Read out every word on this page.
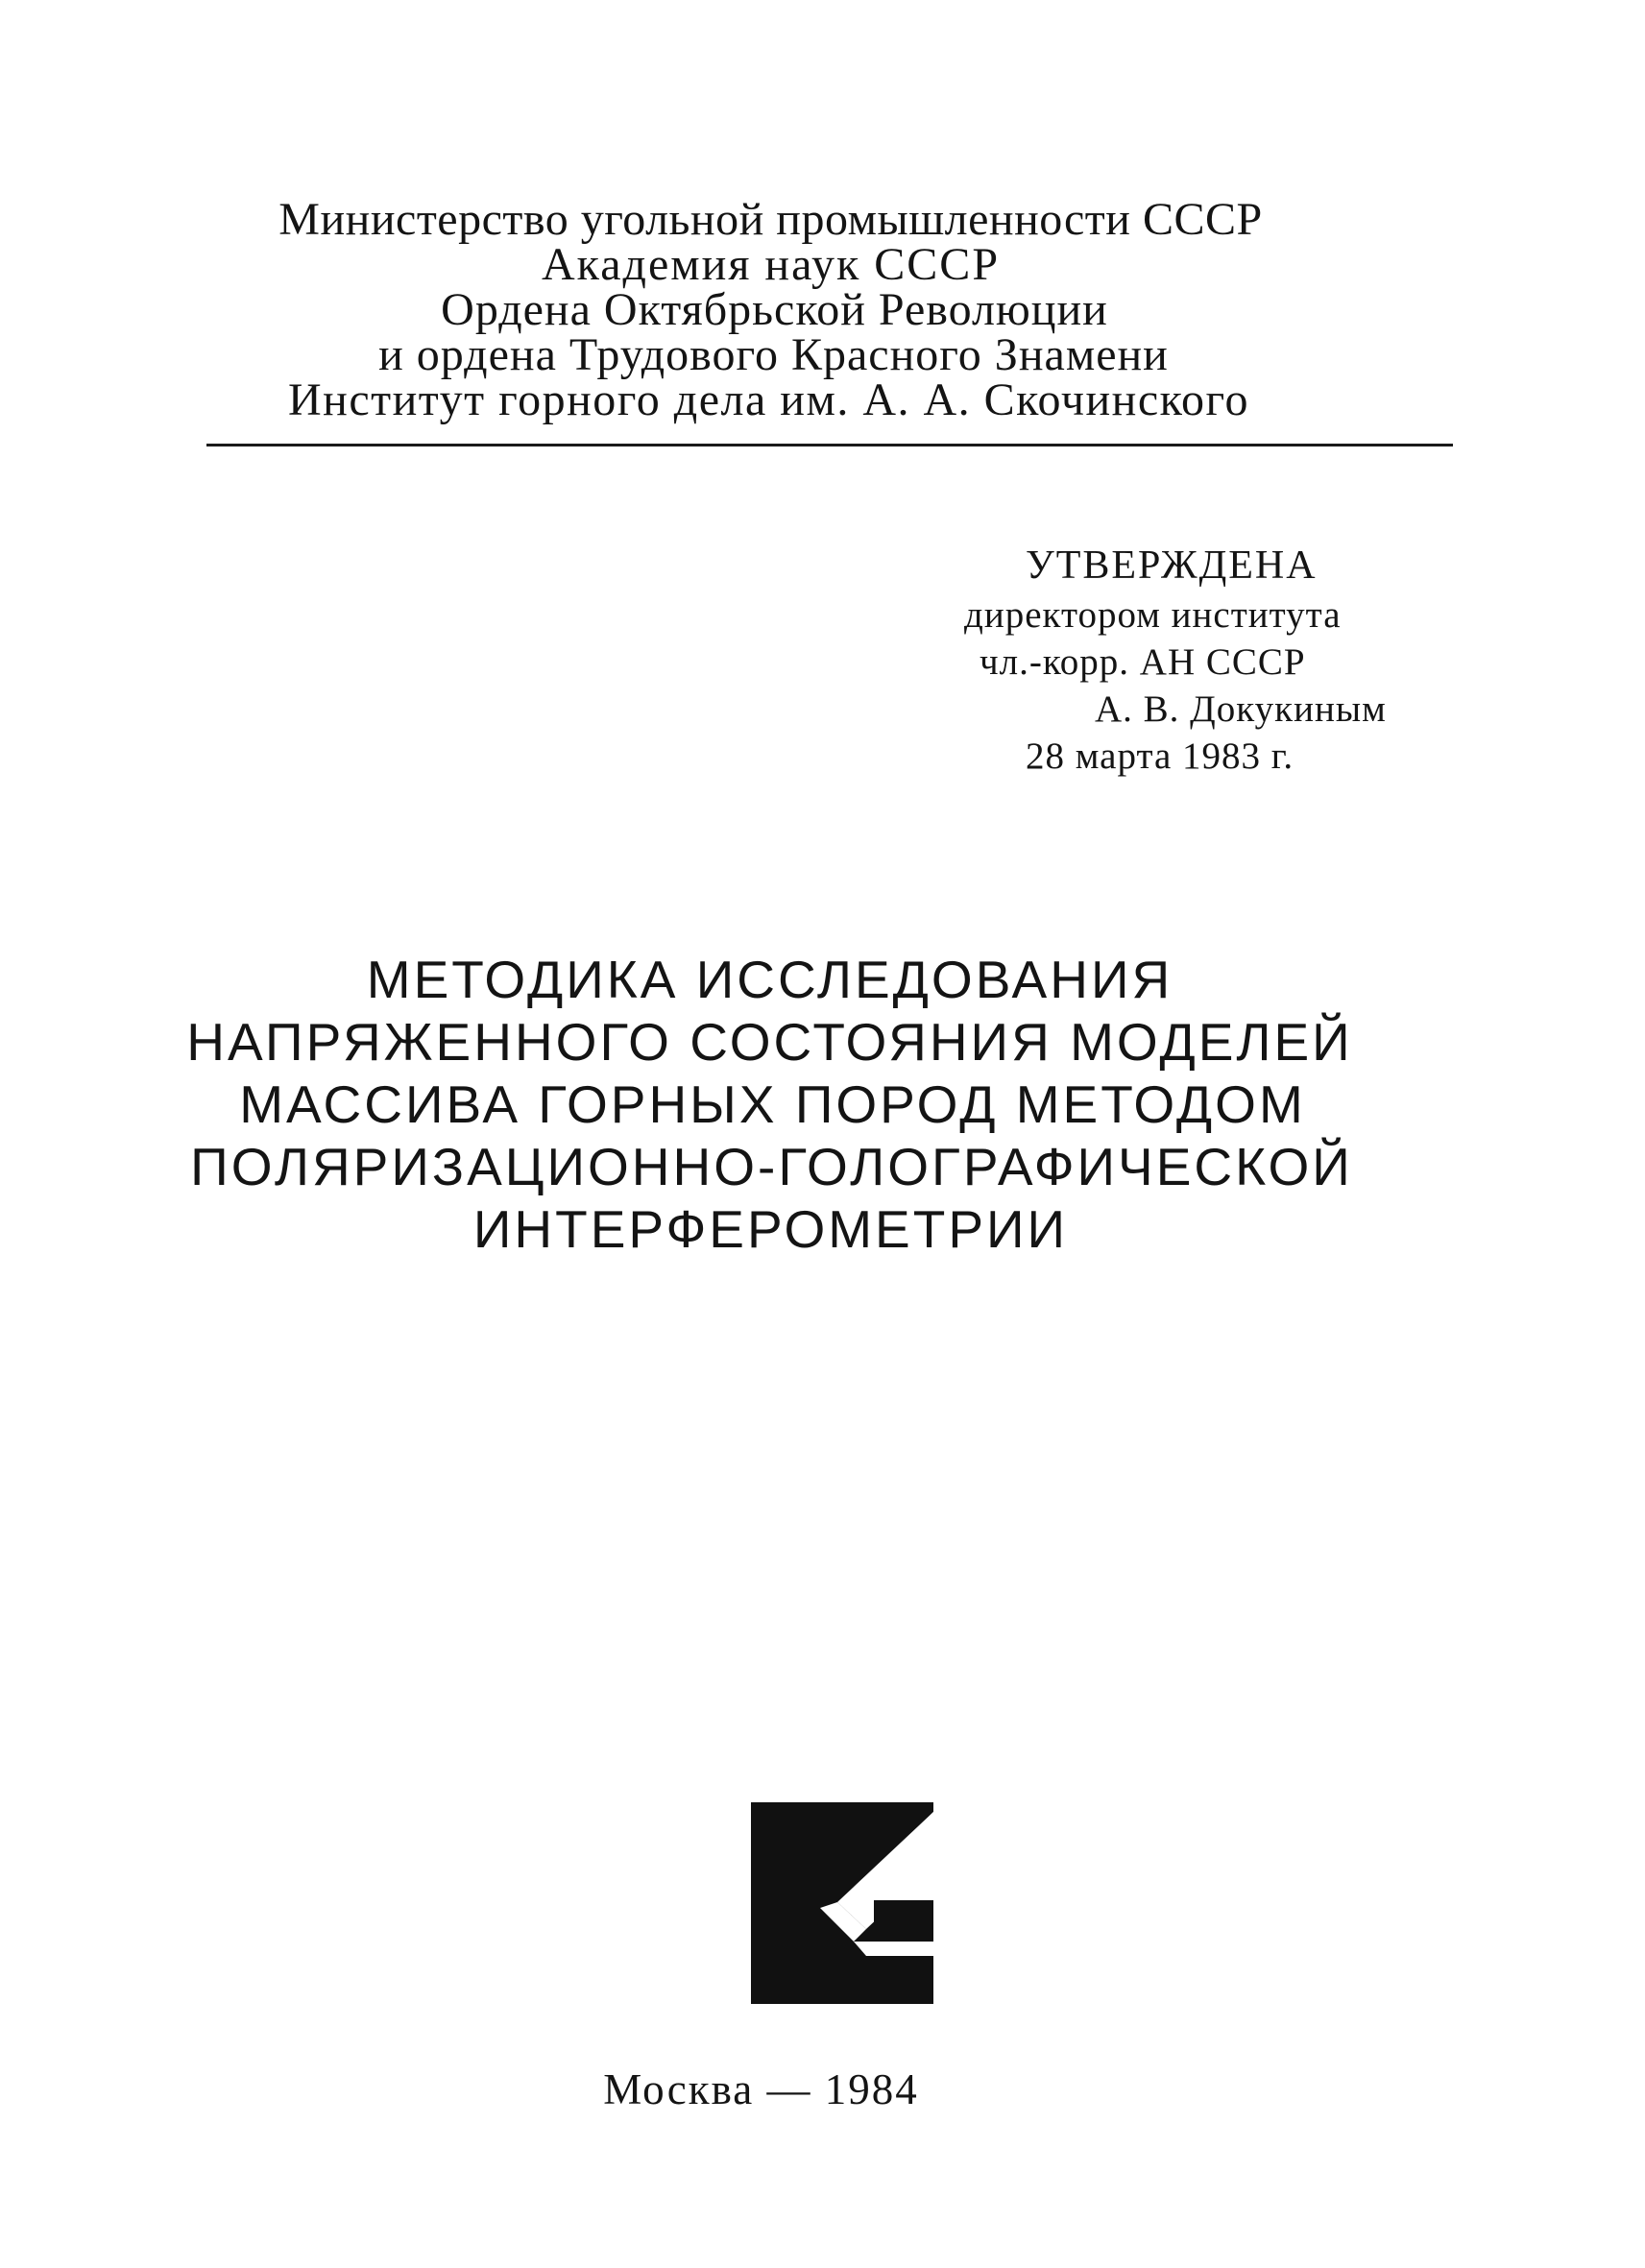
Министерство угольной промышленности СССР
Академия наук СССР
Ордена Октябрьской Революции
и ордена Трудового Красного Знамени
Институт горного дела им. А. А. Скочинского
УТВЕРЖДЕНА
директором института
чл.-корр. АН СССР
А. В. Докукиным
28 марта 1983 г.
МЕТОДИКА ИССЛЕДОВАНИЯ
НАПРЯЖЕННОГО СОСТОЯНИЯ МОДЕЛЕЙ
МАССИВА ГОРНЫХ ПОРОД МЕТОДОМ
ПОЛЯРИЗАЦИОННО-ГОЛОГРАФИЧЕСКОЙ
ИНТЕРФЕРОМЕТРИИ
Москва — 1984
